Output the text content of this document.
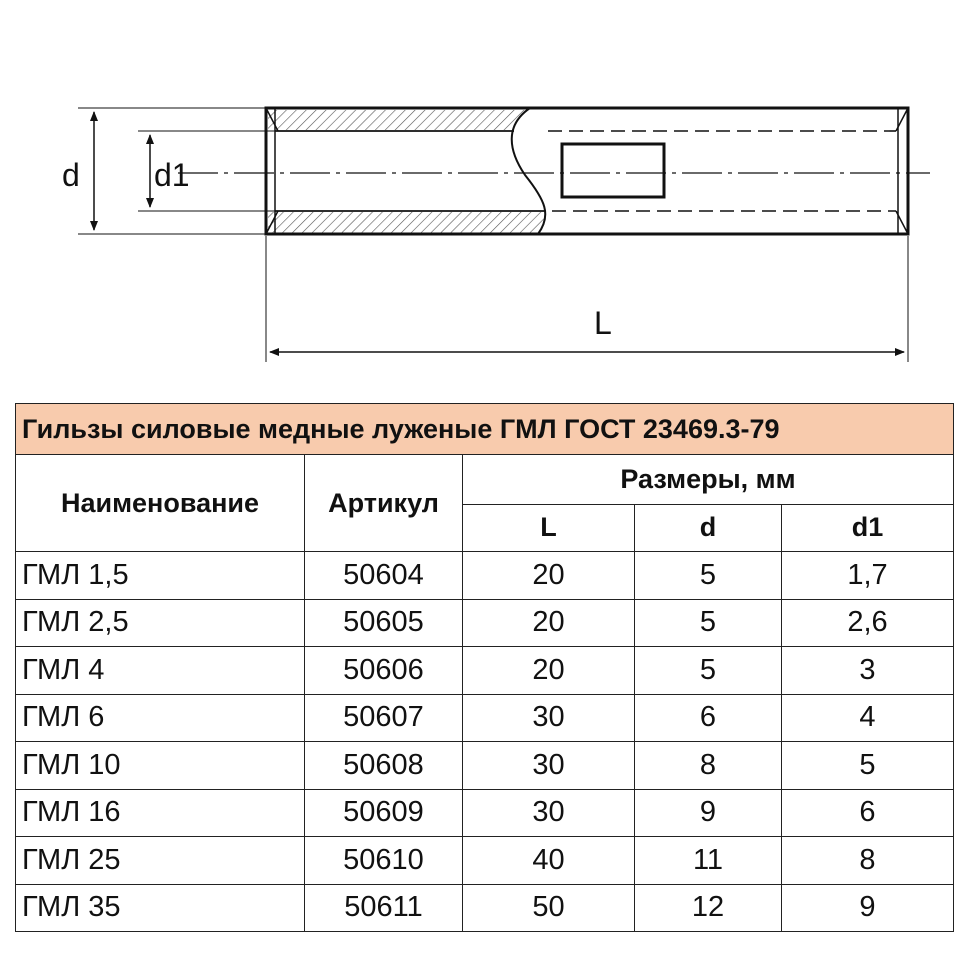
d d1
L
Гильзы силовые медные луженые ГМЛ ГОСТ 23469.3-79				
Наименование	Артикул	Размеры, мм		
		L	d	d1
ГМЛ 1,5	50604	20	5	1,7
ГМЛ 2,5	50605	20	5	2,6
ГМЛ 4	50606	20	5	3
ГМЛ 6	50607	30	6	4
ГМЛ 10	50608	30	8	5
ГМЛ 16	50609	30	9	6
ГМЛ 25	50610	40	11	8
ГМЛ 35	50611	50	12	9
